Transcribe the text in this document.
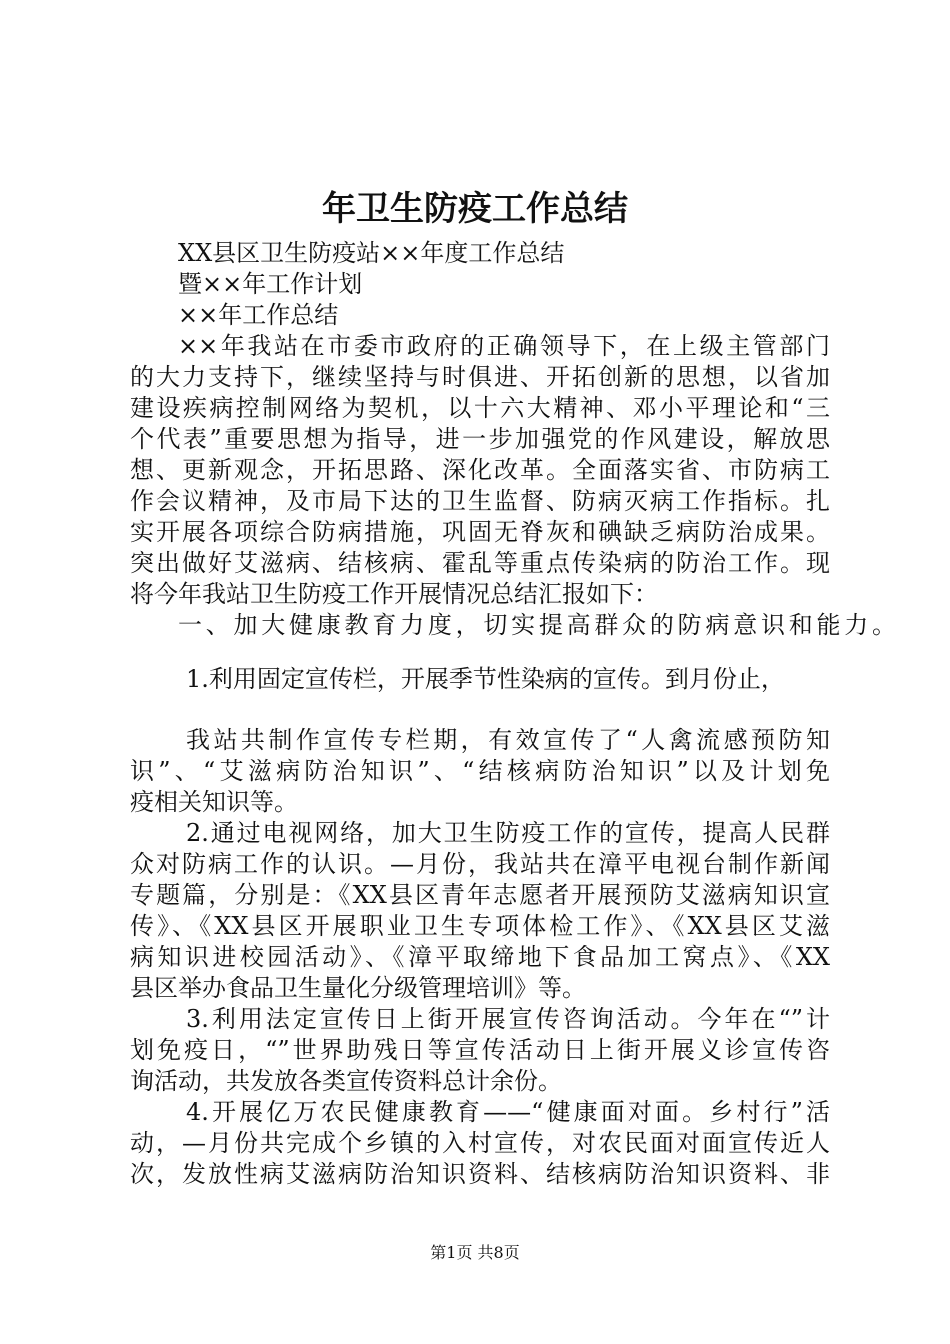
年卫生防疫工作总结
XX县区卫生防疫站××年度工作总结
暨××年工作计划
××年工作总结
××年我站在市委市政府的正确领导下，在上级主管部门
的大力支持下，继续坚持与时俱进、开拓创新的思想，以省加
建设疾病控制网络为契机，以十六大精神、邓小平理论和“三
个代表”重要思想为指导，进一步加强党的作风建设，解放思
想、更新观念，开拓思路、深化改革。全面落实省、市防病工
作会议精神，及市局下达的卫生监督、防病灭病工作指标。扎
实开展各项综合防病措施，巩固无脊灰和碘缺乏病防治成果。
突出做好艾滋病、结核病、霍乱等重点传染病的防治工作。现
将今年我站卫生防疫工作开展情况总结汇报如下：
一、加大健康教育力度，切实提高群众的防病意识和能力。
1.利用固定宣传栏，开展季节性染病的宣传。到月份止，
我站共制作宣传专栏期，有效宣传了“人禽流感预防知
识”、“艾滋病防治知识”、“结核病防治知识”以及计划免
疫相关知识等。
2.通过电视网络，加大卫生防疫工作的宣传，提高人民群
众对防病工作的认识。—月份，我站共在漳平电视台制作新闻
专题篇，分别是：《XX县区青年志愿者开展预防艾滋病知识宣
传》、《XX县区开展职业卫生专项体检工作》、《XX县区艾滋
病知识进校园活动》、《漳平取缔地下食品加工窝点》、《XX
县区举办食品卫生量化分级管理培训》等。
3.利用法定宣传日上街开展宣传咨询活动。今年在“”计
划免疫日，“”世界助残日等宣传活动日上街开展义诊宣传咨
询活动，共发放各类宣传资料总计余份。
4.开展亿万农民健康教育——“健康面对面。乡村行”活
动，—月份共完成个乡镇的入村宣传，对农民面对面宣传近人
次，发放性病艾滋病防治知识资料、结核病防治知识资料、非
第1页 共8页
